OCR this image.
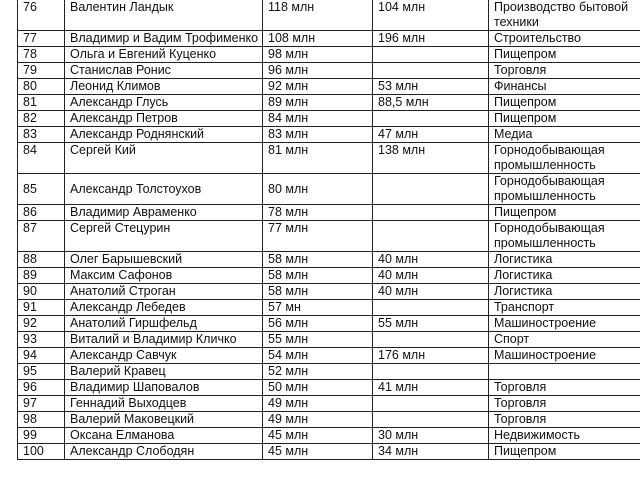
76	Валентин Ландык	118 млн	104 млн	Производство бытовой техники
77	Владимир и Вадим Трофименко	108 млн	196 млн	Строительство
78	Ольга и Евгений Куценко	98 млн		Пищепром
79	Станислав Ронис	96 млн		Торговля
80	Леонид Климов	92 млн	53 млн	Финансы
81	Александр Глусь	89 млн	88,5 млн	Пищепром
82	Александр Петров	84 млн		Пищепром
83	Александр Роднянский	83 млн	47 млн	Медиа
84	Сергей Кий	81 млн	138 млн	Горнодобывающая промышленность
85	Александр Толстоухов	80 млн		Горнодобывающая промышленность
86	Владимир Авраменко	78 млн		Пищепром
87	Сергей Стецурин	77 млн		Горнодобывающая промышленность
88	Олег Барышевский	58 млн	40 млн	Логистика
89	Максим Сафонов	58 млн	40 млн	Логистика
90	Анатолий Строган	58 млн	40 млн	Логистика
91	Александр Лебедев	57 мн		Транспорт
92	Анатолий Гиршфельд	56 млн	55 млн	Машиностроение
93	Виталий и Владимир Кличко	55 млн		Спорт
94	Александр Савчук	54 млн	176 млн	Машиностроение
95	Валерий Кравец	52 млн		
96	Владимир Шаповалов	50 млн	41 млн	Торговля
97	Геннадий Выходцев	49 млн		Торговля
98	Валерий Маковецкий	49 млн		Торговля
99	Оксана Елманова	45 млн	30 млн	Недвижимость
100	Александр Слободян	45 млн	34 млн	Пищепром
